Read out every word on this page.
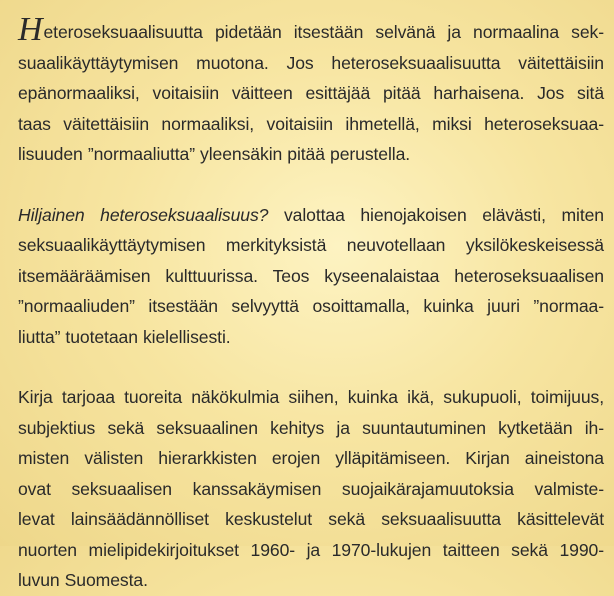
Heteroseksuaalisuutta pidetään itsestään selvänä ja normaalina sek-
suaalikäyttäytymisen muotona. Jos heteroseksuaalisuutta väitettäisiin
epänormaaliksi, voitaisiin väitteen esittäjää pitää harhaisena. Jos sitä
taas väitettäisiin normaaliksi, voitaisiin ihmetellä, miksi heteroseksuaa-
lisuuden ”normaaliutta” yleensäkin pitää perustella.

Hiljainen heteroseksuaalisuus? valottaa hienojakoisen elävästi, miten
seksuaalikäyttäytymisen merkityksistä neuvotellaan yksilökeskeisessä
itsemääräämisen kulttuurissa. Teos kyseenalaistaa heteroseksuaalisen
”normaaliuden” itsestään selvyyttä osoittamalla, kuinka juuri ”normaa-
liutta” tuotetaan kielellisesti.

Kirja tarjoaa tuoreita näkökulmia siihen, kuinka ikä, sukupuoli, toimijuus,
subjektius sekä seksuaalinen kehitys ja suuntautuminen kytketään ih-
misten välisten hierarkkisten erojen ylläpitämiseen. Kirjan aineistona
ovat seksuaalisen kanssakäymisen suojaikärajamuutoksia valmiste-
levat lainsäädännölliset keskustelut sekä seksuaalisuutta käsittelevät
nuorten mielipidekirjoitukset 1960- ja 1970-lukujen taitteen sekä 1990-
luvun Suomesta.
